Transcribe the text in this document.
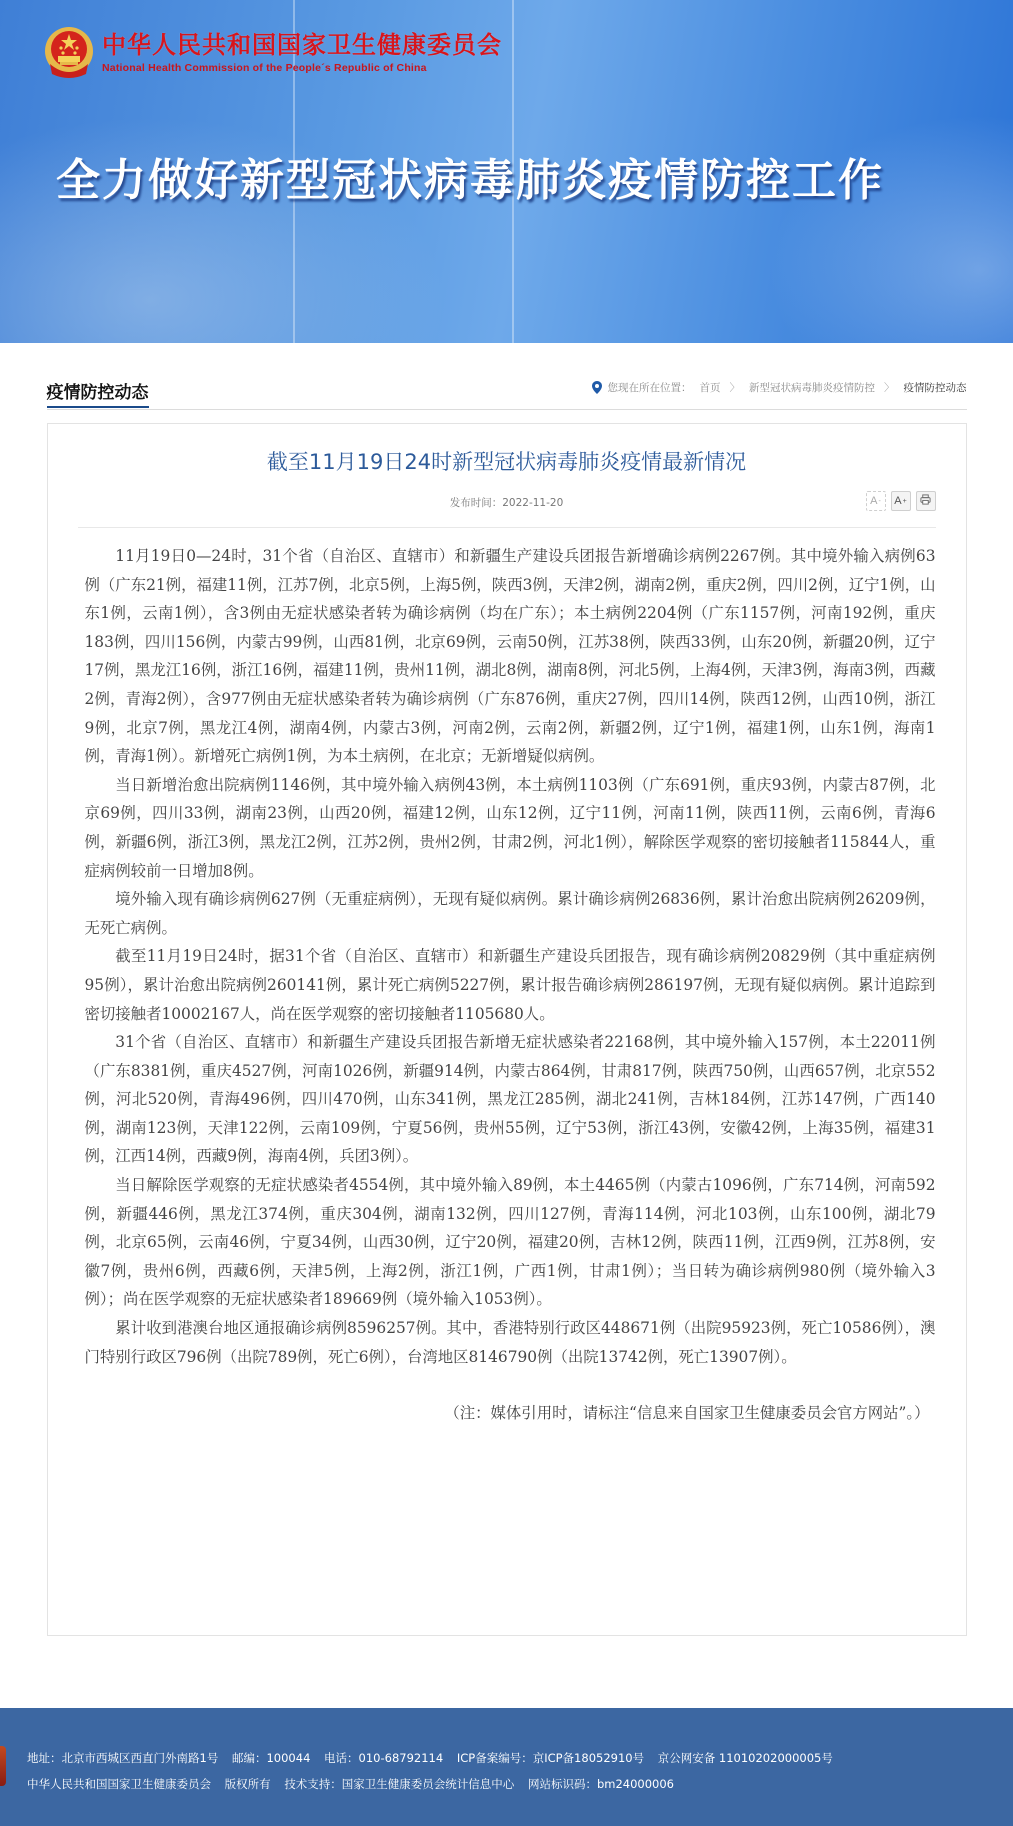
中华人民共和国国家卫生健康委员会
National Health Commission of the People´s Republic of China
全力做好新型冠状病毒肺炎疫情防控工作
疫情防控动态	您现在所在位置： 首页 〉 新型冠状病毒肺炎疫情防控 〉 疫情防控动态
截至11月19日24时新型冠状病毒肺炎疫情最新情况
发布时间：2022-11-20	A - A +

11月19日0—24时，31个省（自治区、直辖市）和新疆生产建设兵团报告新增确诊病例2267例。其中境外输入病例63例（广东21例，福建11例，江苏7例，北京5例，上海5例，陕西3例，天津2例，湖南2例，重庆2例，四川2例，辽宁1例，山东1例，云南1例），含3例由无症状感染者转为确诊病例（均在广东）；本土病例2204例（广东1157例，河南192例，重庆183例，四川156例，内蒙古99例，山西81例，北京69例，云南50例，江苏38例，陕西33例，山东20例，新疆20例，辽宁17例，黑龙江16例，浙江16例，福建11例，贵州11例，湖北8例，湖南8例，河北5例，上海4例，天津3例，海南3例，西藏2例，青海2例），含977例由无症状感染者转为确诊病例（广东876例，重庆27例，四川14例，陕西12例，山西10例，浙江9例，北京7例，黑龙江4例，湖南4例，内蒙古3例，河南2例，云南2例，新疆2例，辽宁1例，福建1例，山东1例，海南1例，青海1例）。新增死亡病例1例，为本土病例，在北京；无新增疑似病例。

当日新增治愈出院病例1146例，其中境外输入病例43例，本土病例1103例（广东691例，重庆93例，内蒙古87例，北京69例，四川33例，湖南23例，山西20例，福建12例，山东12例，辽宁11例，河南11例，陕西11例，云南6例，青海6例，新疆6例，浙江3例，黑龙江2例，江苏2例，贵州2例，甘肃2例，河北1例），解除医学观察的密切接触者115844人，重症病例较前一日增加8例。

境外输入现有确诊病例627例（无重症病例），无现有疑似病例。累计确诊病例26836例，累计治愈出院病例26209例，无死亡病例。

截至11月19日24时，据31个省（自治区、直辖市）和新疆生产建设兵团报告，现有确诊病例20829例（其中重症病例95例），累计治愈出院病例260141例，累计死亡病例5227例，累计报告确诊病例286197例，无现有疑似病例。累计追踪到密切接触者10002167人，尚在医学观察的密切接触者1105680人。

31个省（自治区、直辖市）和新疆生产建设兵团报告新增无症状感染者22168例，其中境外输入157例，本土22011例（广东8381例，重庆4527例，河南1026例，新疆914例，内蒙古864例，甘肃817例，陕西750例，山西657例，北京552例，河北520例，青海496例，四川470例，山东341例，黑龙江285例，湖北241例，吉林184例，江苏147例，广西140例，湖南123例，天津122例，云南109例，宁夏56例，贵州55例，辽宁53例，浙江43例，安徽42例，上海35例，福建31例，江西14例，西藏9例，海南4例，兵团3例）。

当日解除医学观察的无症状感染者4554例，其中境外输入89例，本土4465例（内蒙古1096例，广东714例，河南592例，新疆446例，黑龙江374例，重庆304例，湖南132例，四川127例，青海114例，河北103例，山东100例，湖北79例，北京65例，云南46例，宁夏34例，山西30例，辽宁20例，福建20例，吉林12例，陕西11例，江西9例，江苏8例，安徽7例，贵州6例，西藏6例，天津5例，上海2例，浙江1例，广西1例，甘肃1例）；当日转为确诊病例980例（境外输入3例）；尚在医学观察的无症状感染者189669例（境外输入1053例）。

累计收到港澳台地区通报确诊病例8596257例。其中，香港特别行政区448671例（出院95923例，死亡10586例），澳门特别行政区796例（出院789例，死亡6例），台湾地区8146790例（出院13742例，死亡13907例）。

（注：媒体引用时，请标注“信息来自国家卫生健康委员会官方网站”。）

地址：北京市西城区西直门外南路1号 邮编：100044 电话：010-68792114 ICP备案编号：京ICP备18052910号 京公网安备 11010202000005号
中华人民共和国国家卫生健康委员会 版权所有 技术支持：国家卫生健康委员会统计信息中心 网站标识码：bm24000006
